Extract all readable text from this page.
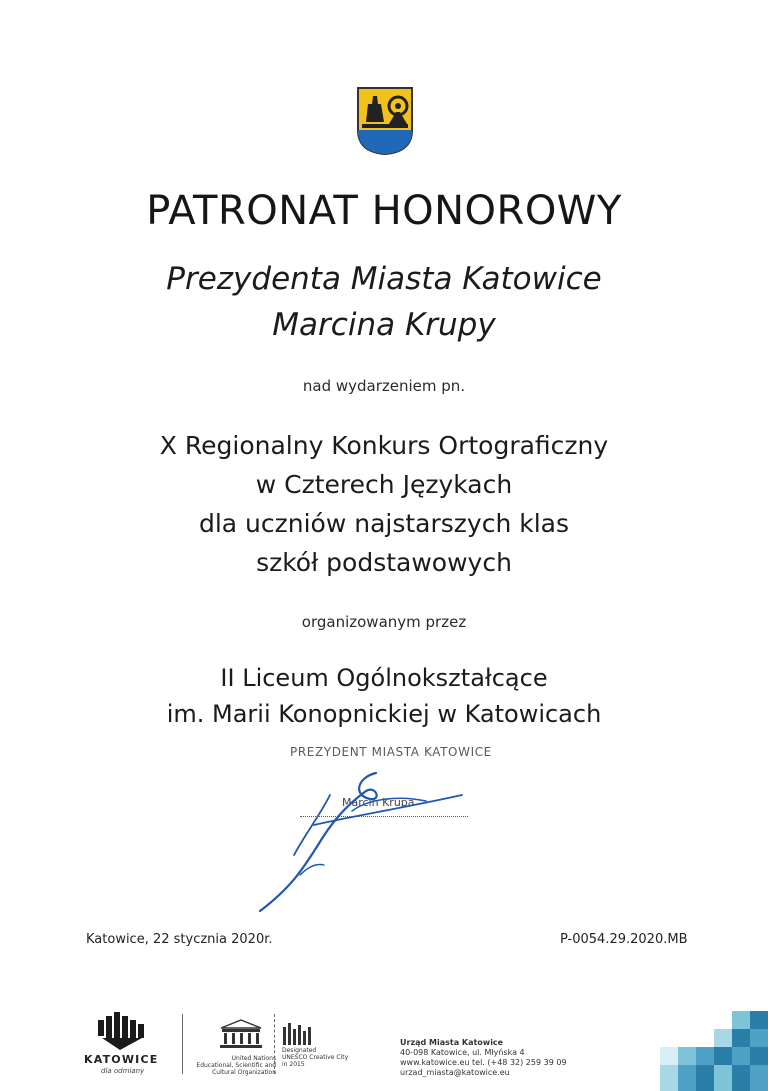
PATRONAT HONOROWY
Prezydenta Miasta Katowice
Marcina Krupy
nad wydarzeniem pn.
X Regionalny Konkurs Ortograficzny
w Czterech Językach
dla uczniów najstarszych klas
szkół podstawowych
organizowanym przez
II Liceum Ogólnokształcące
im. Marii Konopnickiej w Katowicach
PREZYDENT MIASTA KATOWICE
Marcin Krupa
Katowice, 22 stycznia 2020r.	P-0054.29.2020.MB
KATOWICE
dla odmiany
United Nations
Educational, Scientific and
Cultural Organization
Designated
UNESCO Creative City
in 2015
Urząd Miasta Katowice
40-098 Katowice, ul. Młyńska 4
www.katowice.eu tel. (+48 32) 259 39 09
urzad_miasta@katowice.eu
